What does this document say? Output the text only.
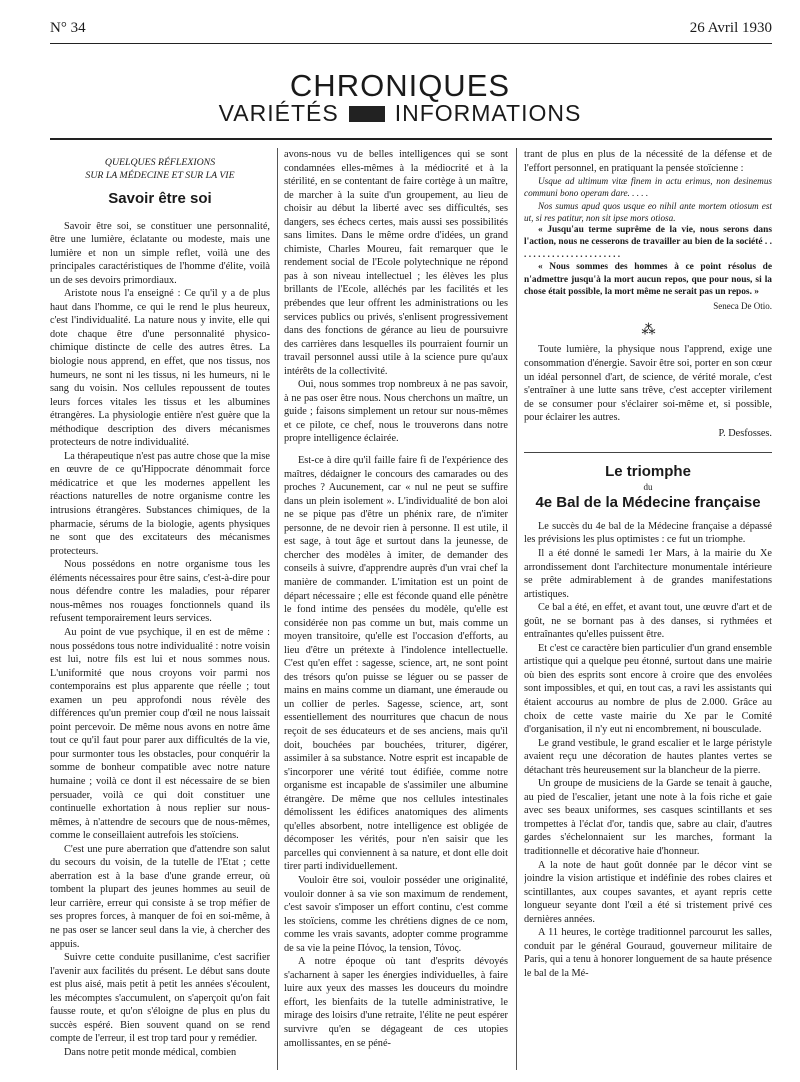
N° 34	26 Avril 1930
CHRONIQUES
VARIÉTÉS INFORMATIONS
QUELQUES RÉFLEXIONS
SUR LA MÉDECINE ET SUR LA VIE
Savoir être soi

Savoir être soi, se constituer une personnalité, être une lumière, éclatante ou modeste, mais une lumière et non un simple reflet, voilà une des principales caractéristiques de l'homme d'élite, voilà un de ses devoirs primordiaux.

Aristote nous l'a enseigné : Ce qu'il y a de plus haut dans l'homme, ce qui le rend le plus heureux, c'est l'individualité. La nature nous y invite, elle qui dote chaque être d'une personnalité physico-chimique distincte de celle des autres êtres. La biologie nous apprend, en effet, que nos tissus, nos humeurs, ne sont ni les tissus, ni les humeurs, ni le sang du voisin. Nos cellules repoussent de toutes leurs forces vitales les tissus et les albumines étrangères. La physiologie entière n'est guère que la méthodique description des divers mécanismes protecteurs de notre individualité.

La thérapeutique n'est pas autre chose que la mise en œuvre de ce qu'Hippocrate dénommait force médicatrice et que les modernes appellent les réactions naturelles de notre organisme contre les intrusions étrangères. Substances chimiques, de la pharmacie, sérums de la biologie, agents physiques ne sont que des excitateurs des mécanismes protecteurs.

Nous possédons en notre organisme tous les éléments nécessaires pour être sains, c'est-à-dire pour nous défendre contre les maladies, pour réparer nous-mêmes nos rouages fonctionnels quand ils refusent temporairement leurs services.

Au point de vue psychique, il en est de même : nous possédons tous notre individualité : notre voisin est lui, notre fils est lui et nous sommes nous. L'uniformité que nous croyons voir parmi nos contemporains est plus apparente que réelle ; tout examen un peu approfondi nous révèle des différences qu'un premier coup d'œil ne nous laissait point percevoir. De même nous avons en notre âme tout ce qu'il faut pour parer aux difficultés de la vie, pour surmonter tous les obstacles, pour conquérir la somme de bonheur compatible avec notre nature humaine ; voilà ce dont il est nécessaire de se bien persuader, voilà ce qui doit constituer une continuelle exhortation à nous replier sur nous-mêmes, à n'attendre de secours que de nous-mêmes, comme le conseillaient autrefois les stoïciens.

C'est une pure aberration que d'attendre son salut du secours du voisin, de la tutelle de l'Etat ; cette aberration est à la base d'une grande erreur, où tombent la plupart des jeunes hommes au seuil de leur carrière, erreur qui consiste à se trop méfier de ses propres forces, à manquer de foi en soi-même, à ne pas oser se lancer seul dans la vie, à chercher des appuis.

Suivre cette conduite pusillanime, c'est sacrifier l'avenir aux facilités du présent. Le début sans doute est plus aisé, mais petit à petit les années s'écoulent, les mécomptes s'accumulent, on s'aperçoit qu'on fait fausse route, et qu'on s'éloigne de plus en plus du succès espéré. Bien souvent quand on se rend compte de l'erreur, il est trop tard pour y remédier.

Dans notre petit monde médical, combien

avons-nous vu de belles intelligences qui se sont condamnées elles-mêmes à la médiocrité et à la stérilité, en se contentant de faire cortège à un maître, de marcher à la suite d'un groupement, au lieu de choisir au début la liberté avec ses difficultés, ses dangers, ses échecs certes, mais aussi ses possibilités sans limites. Dans le même ordre d'idées, un grand chimiste, Charles Moureu, fait remarquer que le rendement social de l'Ecole polytechnique ne répond pas à son niveau intellectuel ; les élèves les plus brillants de l'Ecole, alléchés par les facilités et les prébendes que leur offrent les administrations ou les services publics ou privés, s'enlisent progressivement dans des fonctions de gérance au lieu de poursuivre des carrières dans lesquelles ils pourraient fournir un travail personnel aussi utile à la science pure qu'aux intérêts de la collectivité.

Oui, nous sommes trop nombreux à ne pas savoir, à ne pas oser être nous. Nous cherchons un maître, un guide ; faisons simplement un retour sur nous-mêmes et ce pilote, ce chef, nous le trouverons dans notre propre intelligence éclairée.

Est-ce à dire qu'il faille faire fi de l'expérience des maîtres, dédaigner le concours des camarades ou des proches ? Aucunement, car « nul ne peut se suffire dans un plein isolement ». L'individualité de bon aloi ne se pique pas d'être un phénix rare, de n'imiter personne, de ne devoir rien à personne. Il est utile, il est sage, à tout âge et surtout dans la jeunesse, de chercher des modèles à imiter, de demander des conseils à suivre, d'apprendre auprès d'un vrai chef la manière de commander. L'imitation est un point de départ nécessaire ; elle est féconde quand elle pénètre le fond intime des pensées du modèle, qu'elle est considérée non pas comme un but, mais comme un moyen transitoire, qu'elle est l'occasion d'efforts, au lieu d'être un prétexte à l'indolence intellectuelle. C'est qu'en effet : sagesse, science, art, ne sont point des trésors qu'on puisse se léguer ou se passer de mains en mains comme un diamant, une émeraude ou un collier de perles. Sagesse, science, art, sont essentiellement des nourritures que chacun de nous reçoit de ses éducateurs et de ses anciens, mais qu'il doit, bouchées par bouchées, triturer, digérer, assimiler à sa substance. Notre esprit est incapable de s'incorporer une vérité tout édifiée, comme notre organisme est incapable de s'assimiler une albumine étrangère. De même que nos cellules intestinales démolissent les édifices anatomiques des aliments qu'elles absorbent, notre intelligence est obligée de décomposer les vérités, pour n'en saisir que les parcelles qui conviennent à sa nature, et dont elle doit tirer parti individuellement.

Vouloir être soi, vouloir posséder une originalité, vouloir donner à sa vie son maximum de rendement, c'est savoir s'imposer un effort continu, c'est comme les stoïciens, comme les chrétiens dignes de ce nom, comme les vrais savants, adopter comme programme de sa vie la peine Πόνος, la tension, Τόνος.

A notre époque où tant d'esprits dévoyés s'acharnent à saper les énergies individuelles, à faire luire aux yeux des masses les douceurs du moindre effort, les bienfaits de la tutelle administrative, le mirage des loisirs d'une retraite, l'élite ne peut espérer survivre qu'en se dégageant de ces utopies amollissantes, en se péné-

trant de plus en plus de la nécessité de la défense et de l'effort personnel, en pratiquant la pensée stoïcienne :

Usque ad ultimum vitæ finem in actu erimus, non desinemus communi bono operam dare. . . . .

Nos sumus apud quos usque eo nihil ante mortem otiosum est ut, si res patitur, non sit ipse mors otiosa.

« Jusqu'au terme suprême de la vie, nous serons dans l'action, nous ne cesserons de travailler au bien de la société . . . . . . . . . . . . . . . . . . . . . . .

« Nous sommes des hommes à ce point résolus de n'admettre jusqu'à la mort aucun repos, que pour nous, si la chose était possible, la mort même ne serait pas un repos. »

Seneca De Otio.
⁂

Toute lumière, la physique nous l'apprend, exige une consommation d'énergie. Savoir être soi, porter en son cœur un idéal personnel d'art, de science, de vérité morale, c'est s'entraîner à une lutte sans trêve, c'est accepter virilement de se consumer pour s'éclairer soi-même et, si possible, pour éclairer les autres.

P. Desfosses.
Le triomphe
du
4e Bal de la Médecine française

Le succès du 4e bal de la Médecine française a dépassé les prévisions les plus optimistes : ce fut un triomphe.

Il a été donné le samedi 1er Mars, à la mairie du Xe arrondissement dont l'architecture monumentale intérieure se prête admirablement à de grandes manifestations artistiques.

Ce bal a été, en effet, et avant tout, une œuvre d'art et de goût, ne se bornant pas à des danses, si rythmées et entraînantes qu'elles puissent être.

Et c'est ce caractère bien particulier d'un grand ensemble artistique qui a quelque peu étonné, surtout dans une mairie où bien des esprits sont encore à croire que des envolées sont impossibles, et qui, en tout cas, a ravi les assistants qui étaient accourus au nombre de plus de 2.000. Grâce au choix de cette vaste mairie du Xe par le Comité d'organisation, il n'y eut ni encombrement, ni bousculade.

Le grand vestibule, le grand escalier et le large péristyle avaient reçu une décoration de hautes plantes vertes se détachant très heureusement sur la blancheur de la pierre.

Un groupe de musiciens de la Garde se tenait à gauche, au pied de l'escalier, jetant une note à la fois riche et gaie avec ses beaux uniformes, ses casques scintillants et ses trompettes à l'éclat d'or, tandis que, sabre au clair, d'autres gardes s'échelonnaient sur les marches, formant la traditionnelle et décorative haie d'honneur.

A la note de haut goût donnée par le décor vint se joindre la vision artistique et indéfinie des robes claires et scintillantes, aux coupes savantes, et ayant repris cette longueur seyante dont l'œil a été si tristement privé ces dernières années.

A 11 heures, le cortège traditionnel parcourut les salles, conduit par le général Gouraud, gouverneur militaire de Paris, qui a tenu à honorer longuement de sa haute présence le bal de la Mé-
